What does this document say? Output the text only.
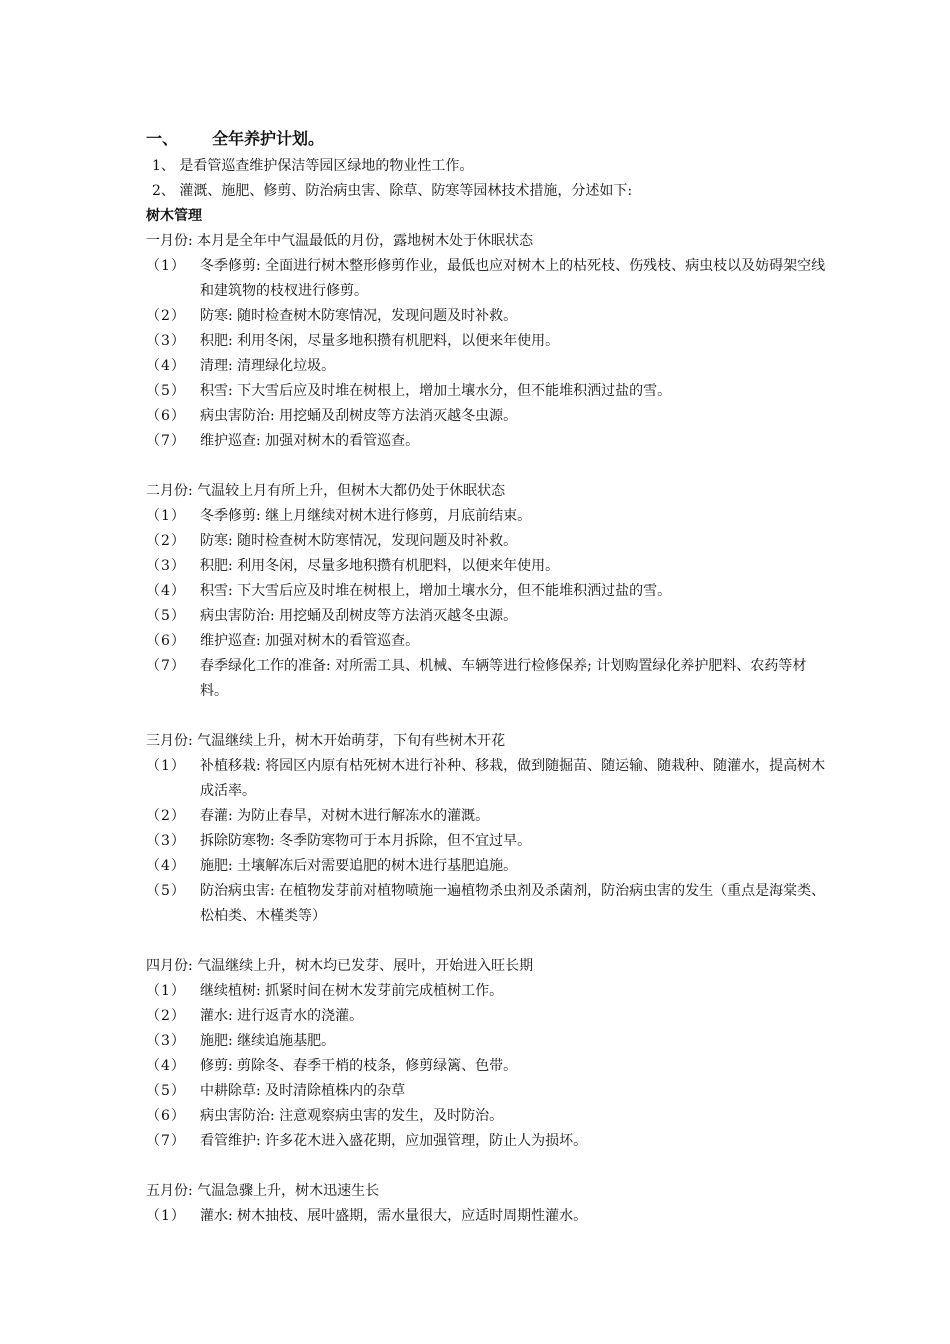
一、 全年养护计划。
1、 是看管巡查维护保洁等园区绿地的物业性工作。
2、 灌溉、施肥、修剪、防治病虫害、除草、防寒等园林技术措施，分述如下:
树木管理
一月份: 本月是全年中气温最低的月份，露地树木处于休眠状态
（1）	冬季修剪: 全面进行树木整形修剪作业，最低也应对树木上的枯死枝、伤残枝、病虫枝以及妨碍架空线和建筑物的枝杈进行修剪。
（2）	防寒: 随时检查树木防寒情况，发现问题及时补救。
（3）	积肥: 利用冬闲，尽量多地积攒有机肥料，以便来年使用。
（4）	清理: 清理绿化垃圾。
（5）	积雪: 下大雪后应及时堆在树根上，增加土壤水分，但不能堆积洒过盐的雪。
（6）	病虫害防治: 用挖蛹及刮树皮等方法消灭越冬虫源。
（7）	维护巡查: 加强对树木的看管巡查。
二月份: 气温较上月有所上升，但树木大都仍处于休眠状态
（1）	冬季修剪: 继上月继续对树木进行修剪，月底前结束。
（2）	防寒: 随时检查树木防寒情况，发现问题及时补救。
（3）	积肥: 利用冬闲，尽量多地积攒有机肥料，以便来年使用。
（4）	积雪: 下大雪后应及时堆在树根上，增加土壤水分，但不能堆积洒过盐的雪。
（5）	病虫害防治: 用挖蛹及刮树皮等方法消灭越冬虫源。
（6）	维护巡查: 加强对树木的看管巡查。
（7）	春季绿化工作的准备: 对所需工具、机械、车辆等进行检修保养; 计划购置绿化养护肥料、农药等材料。
三月份: 气温继续上升，树木开始萌芽，下旬有些树木开花
（1）	补植移栽: 将园区内原有枯死树木进行补种、移栽，做到随掘苗、随运输、随栽种、随灌水，提高树木成活率。
（2）	春灌: 为防止春旱，对树木进行解冻水的灌溉。
（3）	拆除防寒物: 冬季防寒物可于本月拆除，但不宜过早。
（4）	施肥: 土壤解冻后对需要追肥的树木进行基肥追施。
（5）	防治病虫害: 在植物发芽前对植物喷施一遍植物杀虫剂及杀菌剂，防治病虫害的发生（重点是海棠类、松柏类、木槿类等）
四月份: 气温继续上升，树木均已发芽、展叶，开始进入旺长期
（1）	继续植树: 抓紧时间在树木发芽前完成植树工作。
（2）	灌水: 进行返青水的浇灌。
（3）	施肥: 继续追施基肥。
（4）	修剪: 剪除冬、春季干梢的枝条，修剪绿篱、色带。
（5）	中耕除草: 及时清除植株内的杂草
（6）	病虫害防治: 注意观察病虫害的发生，及时防治。
（7）	看管维护: 许多花木进入盛花期，应加强管理，防止人为损坏。
五月份: 气温急骤上升，树木迅速生长
（1）	灌水: 树木抽枝、展叶盛期，需水量很大，应适时周期性灌水。
